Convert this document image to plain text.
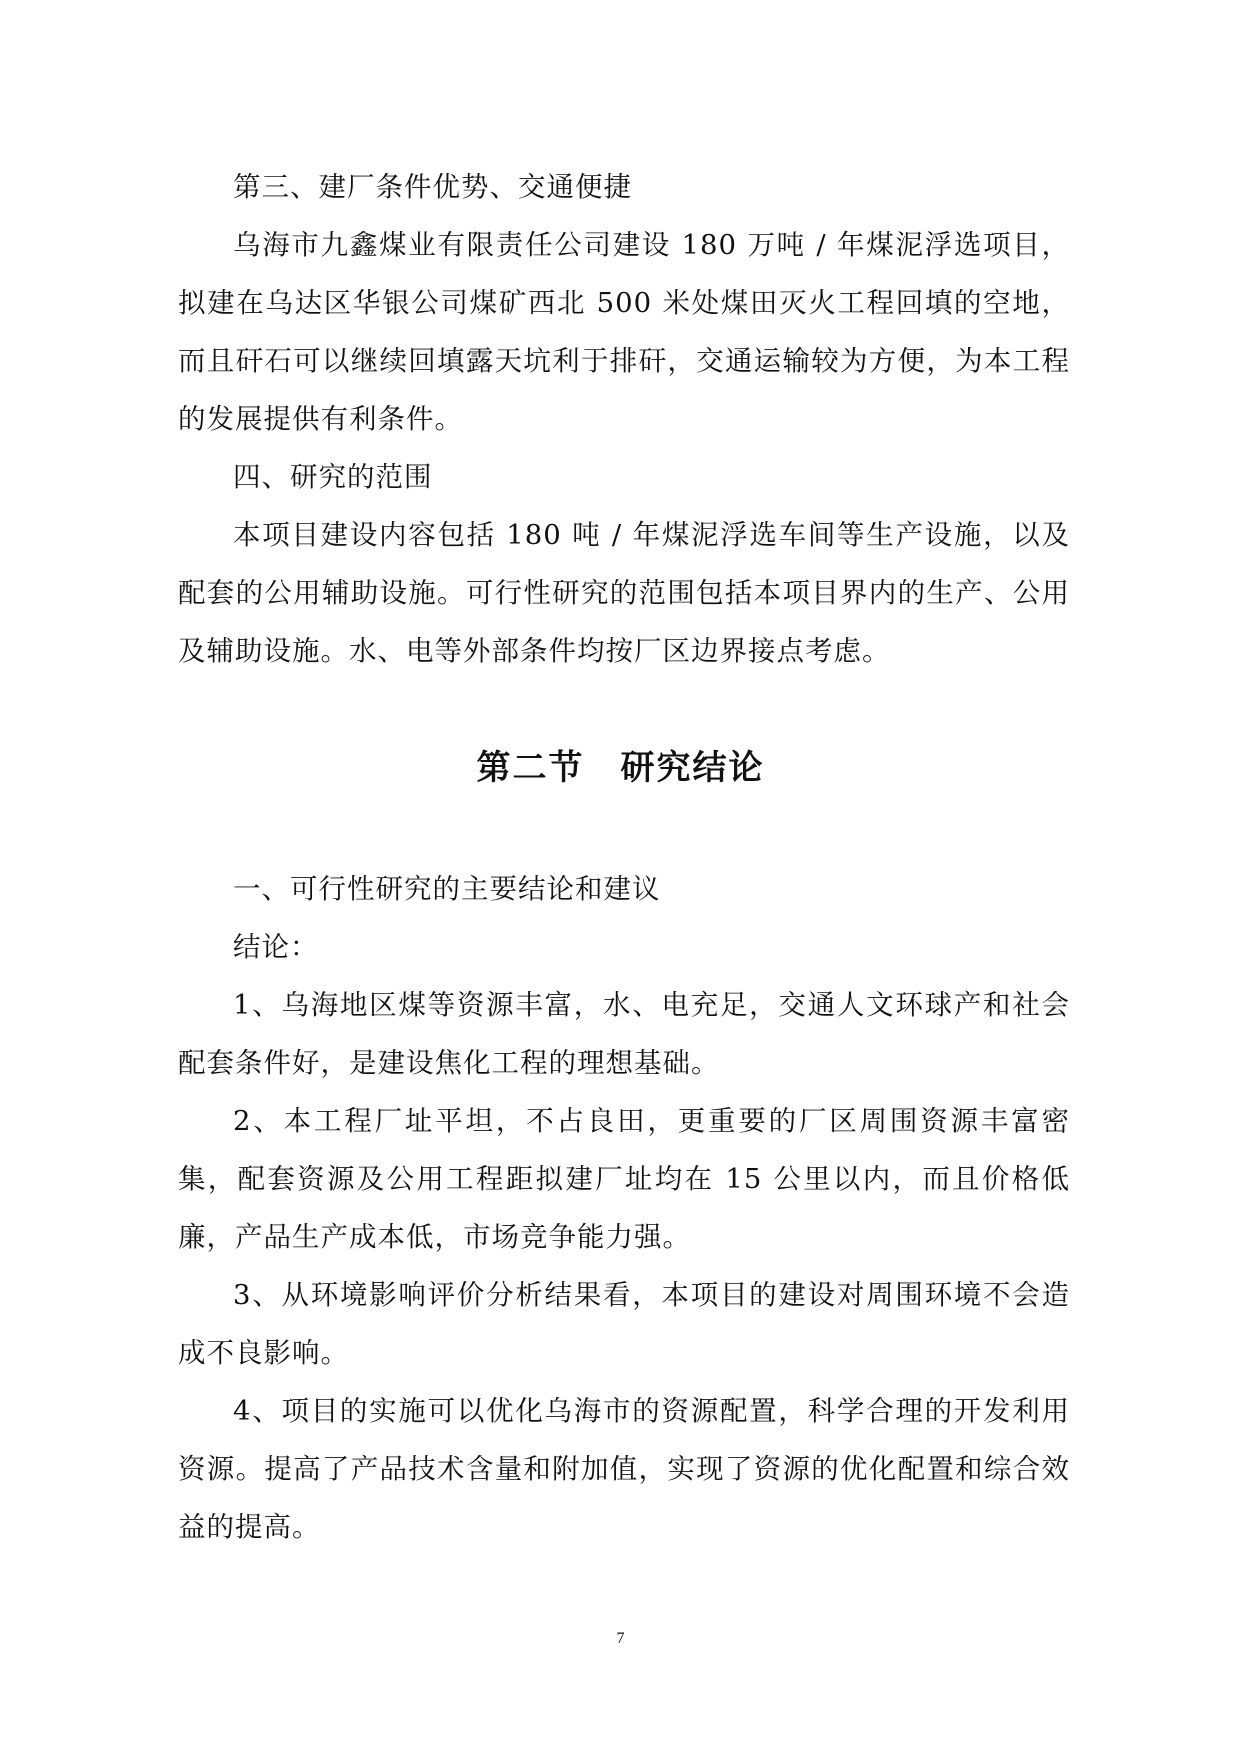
第三、建厂条件优势、交通便捷

乌海市九鑫煤业有限责任公司建设 180 万吨 / 年煤泥浮选项目，拟建在乌达区华银公司煤矿西北 500 米处煤田灭火工程回填的空地，而且矸石可以继续回填露天坑利于排矸，交通运输较为方便，为本工程的发展提供有利条件。

四、研究的范围

本项目建设内容包括 180 吨 / 年煤泥浮选车间等生产设施，以及配套的公用辅助设施。可行性研究的范围包括本项目界内的生产、公用及辅助设施。水、电等外部条件均按厂区边界接点考虑。

第二节　研究结论

一、可行性研究的主要结论和建议

结论：

1、乌海地区煤等资源丰富，水、电充足，交通人文环球产和社会配套条件好，是建设焦化工程的理想基础。

2、本工程厂址平坦，不占良田，更重要的厂区周围资源丰富密集，配套资源及公用工程距拟建厂址均在 15 公里以内，而且价格低廉，产品生产成本低，市场竞争能力强。

3、从环境影响评价分析结果看，本项目的建设对周围环境不会造成不良影响。

4、项目的实施可以优化乌海市的资源配置，科学合理的开发利用资源。提高了产品技术含量和附加值，实现了资源的优化配置和综合效益的提高。

7
